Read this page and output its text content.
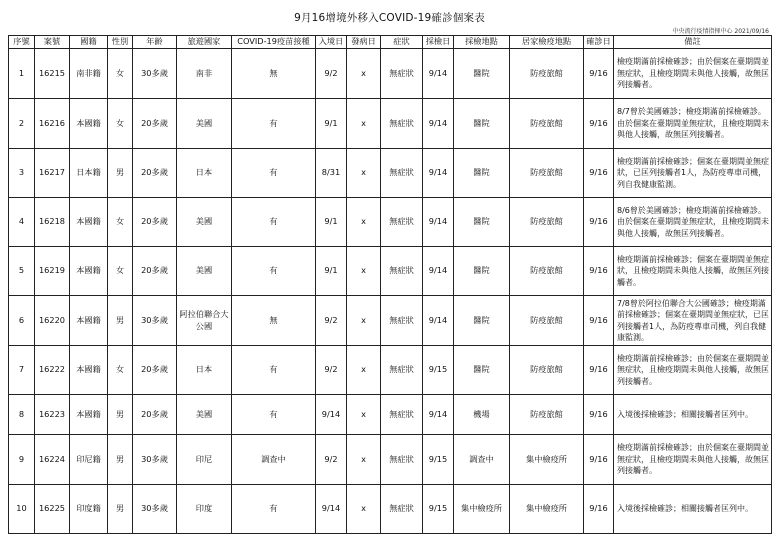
9月16增境外移入COVID-19確診個案表
中央流行疫情指揮中心 2021/09/16
序號	案號	國籍	性別	年齡	旅遊國家	COVID-19疫苗接種	入境日	發病日	症狀	採檢日	採檢地點	居家檢疫地點	確診日	備註
1	16215	南非籍	女	30多歲	南非	無	9/2	x	無症狀	9/14	醫院	防疫旅館	9/16	檢疫期滿前採檢確診；由於個案在臺期間並無症狀，且檢疫期間未與他人接觸，故無匡列接觸者。
2	16216	本國籍	女	20多歲	美國	有	9/1	x	無症狀	9/14	醫院	防疫旅館	9/16	8/7曾於美國確診；檢疫期滿前採檢確診。由於個案在臺期間並無症狀，且檢疫期間未與他人接觸，故無匡列接觸者。
3	16217	日本籍	男	20多歲	日本	有	8/31	x	無症狀	9/14	醫院	防疫旅館	9/16	檢疫期滿前採檢確診；個案在臺期間並無症狀，已匡列接觸者1人，為防疫專車司機，列自我健康監測。
4	16218	本國籍	女	20多歲	美國	有	9/1	x	無症狀	9/14	醫院	防疫旅館	9/16	8/6曾於美國確診；檢疫期滿前採檢確診。由於個案在臺期間並無症狀，且檢疫期間未與他人接觸，故無匡列接觸者。
5	16219	本國籍	女	20多歲	美國	有	9/1	x	無症狀	9/14	醫院	防疫旅館	9/16	檢疫期滿前採檢確診；個案在臺期間並無症狀，且檢疫期間未與他人接觸，故無匡列接觸者。
6	16220	本國籍	男	30多歲	阿拉伯聯合大公國	無	9/2	x	無症狀	9/14	醫院	防疫旅館	9/16	7/8曾於阿拉伯聯合大公國確診；檢疫期滿前採檢確診；個案在臺期間並無症狀，已匡列接觸者1人，為防疫專車司機，列自我健康監測。
7	16222	本國籍	女	20多歲	日本	有	9/2	x	無症狀	9/15	醫院	防疫旅館	9/16	檢疫期滿前採檢確診；由於個案在臺期間並無症狀，且檢疫期間未與他人接觸，故無匡列接觸者。
8	16223	本國籍	男	20多歲	美國	有	9/14	x	無症狀	9/14	機場	防疫旅館	9/16	入境後採檢確診；相關接觸者匡列中。
9	16224	印尼籍	男	30多歲	印尼	調查中	9/2	x	無症狀	9/15	調查中	集中檢疫所	9/16	檢疫期滿前採檢確診；由於個案在臺期間並無症狀，且檢疫期間未與他人接觸，故無匡列接觸者。
10	16225	印度籍	男	30多歲	印度	有	9/14	x	無症狀	9/15	集中檢疫所	集中檢疫所	9/16	入境後採檢確診；相關接觸者匡列中。
